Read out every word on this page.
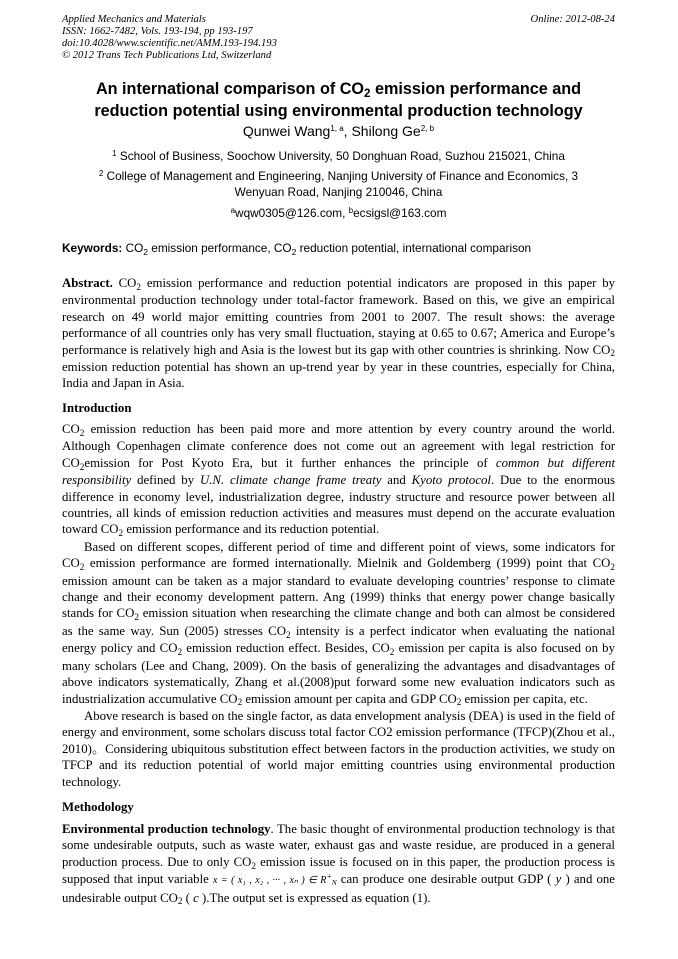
Applied Mechanics and Materials
ISSN: 1662-7482, Vols. 193-194, pp 193-197
doi:10.4028/www.scientific.net/AMM.193-194.193
© 2012 Trans Tech Publications Ltd, Switzerland
Online: 2012-08-24
An international comparison of $CO_2$ emission performance and
reduction potential using environmental production technology
Qunwei Wang$^{1, a}$, Shilong Ge$^{2, b}$
$^1$ School of Business, Soochow University, 50 Donghuan Road, Suzhou 215021, China
$^2$ College of Management and Engineering, Nanjing University of Finance and Economics, 3
Wenyuan Road, Nanjing 210046, China
$^a$wqw0305@126.com, $^b$ecsigsl@163.com
Keywords: $CO_2$ emission performance, $CO_2$ reduction potential, international comparison
Abstract. $CO_2$ emission performance and reduction potential indicators are proposed in this paper by environmental production technology under total-factor framework. Based on this, we give an empirical research on 49 world major emitting countries from 2001 to 2007. The result shows: the average performance of all countries only has very small fluctuation, staying at 0.65 to 0.67; America and Europe’s performance is relatively high and Asia is the lowest but its gap with other countries is shrinking. Now $CO_2$ emission reduction potential has shown an up-trend year by year in these countries, especially for China, India and Japan in Asia.
Introduction
$CO_2$ emission reduction has been paid more and more attention by every country around the world. Although Copenhagen climate conference does not come out an agreement with legal restriction for $CO_2emission$ for Post Kyoto Era, but it further enhances the principle of common but different responsibility defined by U.N. climate change frame treaty and Kyoto protocol. Due to the enormous difference in economy level, industrialization degree, industry structure and resource power between all countries, all kinds of emission reduction activities and measures must depend on the accurate evaluation toward $CO_2$ emission performance and its reduction potential.
Based on different scopes, different period of time and different point of views, some indicators for $CO_2$ emission performance are formed internationally. Mielnik and Goldemberg (1999) point that $CO_2$ emission amount can be taken as a major standard to evaluate developing countries’ response to climate change and their economy development pattern. Ang (1999) thinks that energy power change basically stands for $CO_2$ emission situation when researching the climate change and both can almost be considered as the same way. Sun (2005) stresses $CO_2$ intensity is a perfect indicator when evaluating the national energy policy and $CO_2$ emission reduction effect. Besides, $CO_2$ emission per capita is also focused on by many scholars (Lee and Chang, 2009). On the basis of generalizing the advantages and disadvantages of above indicators systematically, Zhang et al.(2008)put forward some new evaluation indicators such as industrialization accumulative $CO_2$ emission amount per capita and GDP $CO_2$ emission per capita, etc.
Above research is based on the single factor, as data envelopment analysis (DEA) is used in the field of energy and environment, some scholars discuss total factor CO2 emission performance (TFCP)(Zhou et al., 2010)。Considering ubiquitous substitution effect between factors in the production activities, we study on TFCP and its reduction potential of world major emitting countries using environmental production technology.
Methodology
Environmental production technology. The basic thought of environmental production technology is that some undesirable outputs, such as waste water, exhaust gas and waste residue, are produced in a general production process. Due to only $CO_2$ emission issue is focused on in this paper, the production process is supposed that input variable x = ( x₁ , x₂ , ··· , xₙ ) ∈ $R^+_N$ can produce one desirable output GDP ( y ) and one undesirable output $CO_2$ ( c ).The output set is expressed as equation (1).
